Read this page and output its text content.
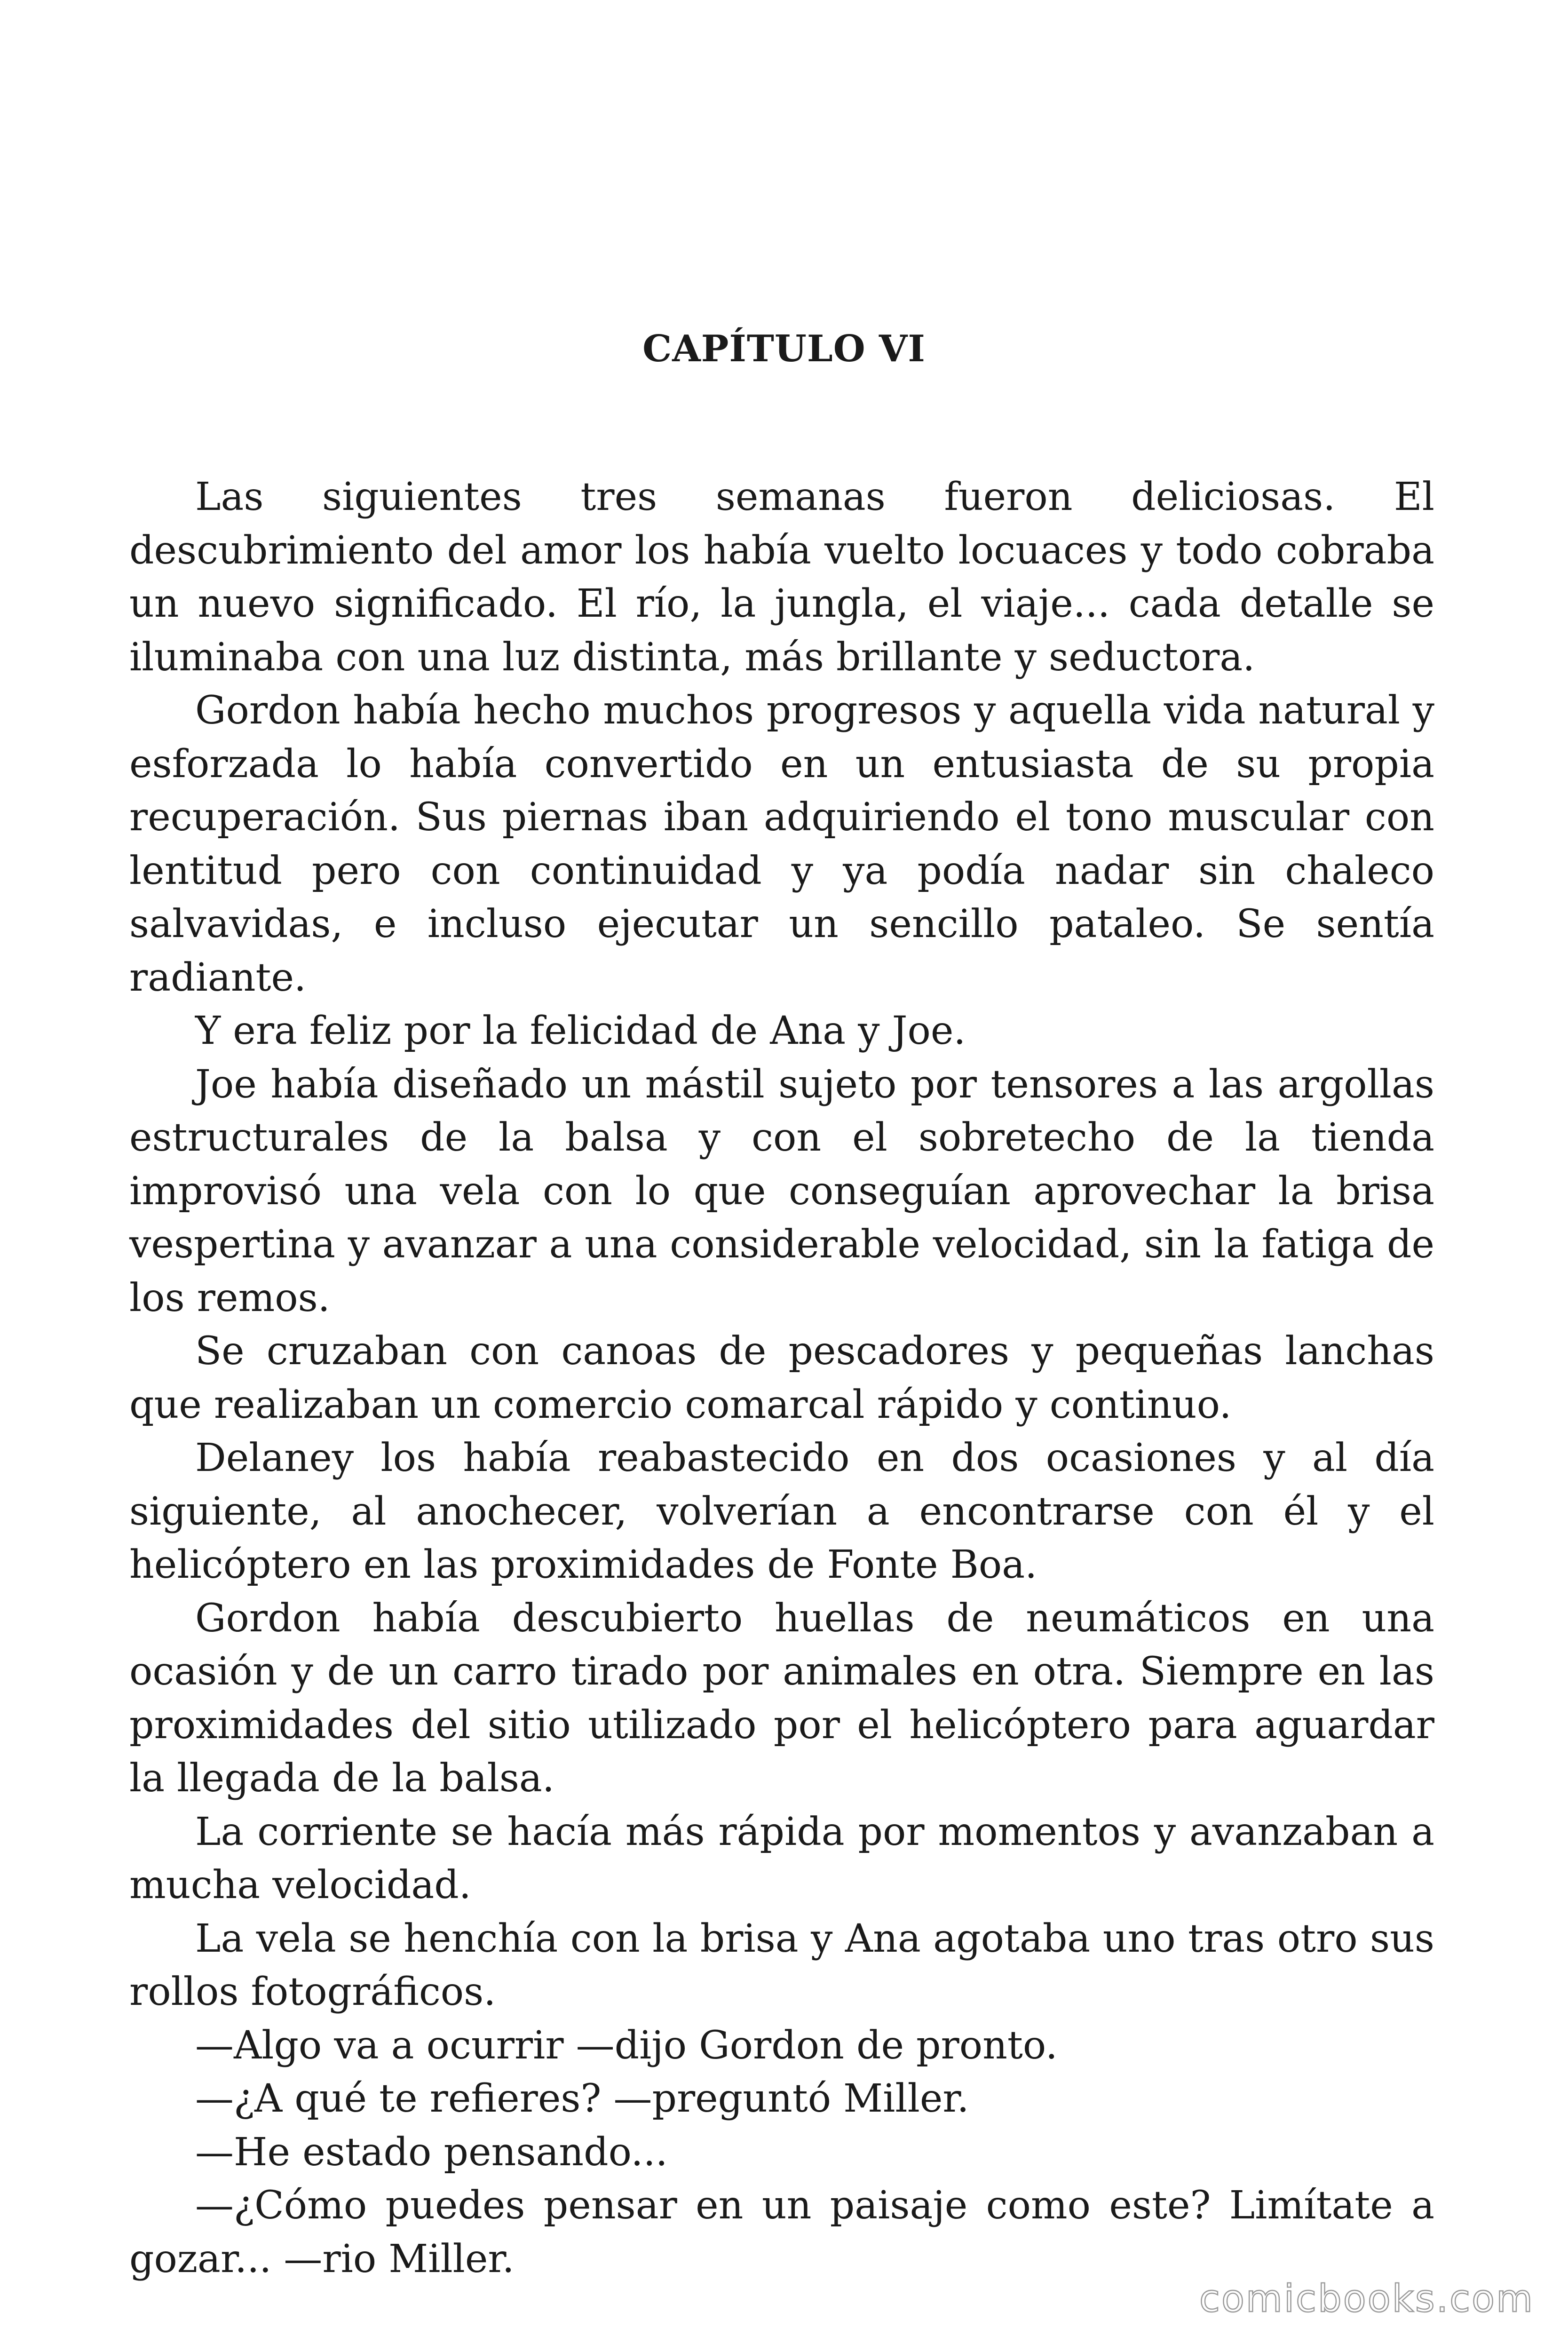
CAPÍTULO VI

Las siguientes tres semanas fueron deliciosas. El descubrimiento del amor los había vuelto locuaces y todo cobraba un nuevo significado. El río, la jungla, el viaje... cada detalle se iluminaba con una luz distinta, más brillante y seductora.

Gordon había hecho muchos progresos y aquella vida natural y esforzada lo había convertido en un entusiasta de su propia recuperación. Sus piernas iban adquiriendo el tono muscular con lentitud pero con continuidad y ya podía nadar sin chaleco salvavidas, e incluso ejecutar un sencillo pataleo. Se sentía radiante.

Y era feliz por la felicidad de Ana y Joe.

Joe había diseñado un mástil sujeto por tensores a las argollas estructurales de la balsa y con el sobretecho de la tienda improvisó una vela con lo que conseguían aprovechar la brisa vespertina y avanzar a una considerable velocidad, sin la fatiga de los remos.

Se cruzaban con canoas de pescadores y pequeñas lanchas que realizaban un comercio comarcal rápido y continuo.

Delaney los había reabastecido en dos ocasiones y al día siguiente, al anochecer, volverían a encontrarse con él y el helicóptero en las proximidades de Fonte Boa.

Gordon había descubierto huellas de neumáticos en una ocasión y de un carro tirado por animales en otra. Siempre en las proximidades del sitio utilizado por el helicóptero para aguardar la llegada de la balsa.

La corriente se hacía más rápida por momentos y avanzaban a mucha velocidad.

La vela se henchía con la brisa y Ana agotaba uno tras otro sus rollos fotográficos.

—Algo va a ocurrir —dijo Gordon de pronto.

—¿A qué te refieres? —preguntó Miller.

—He estado pensando...

—¿Cómo puedes pensar en un paisaje como este? Limítate a gozar... —rio Miller.

comicbooks.com
